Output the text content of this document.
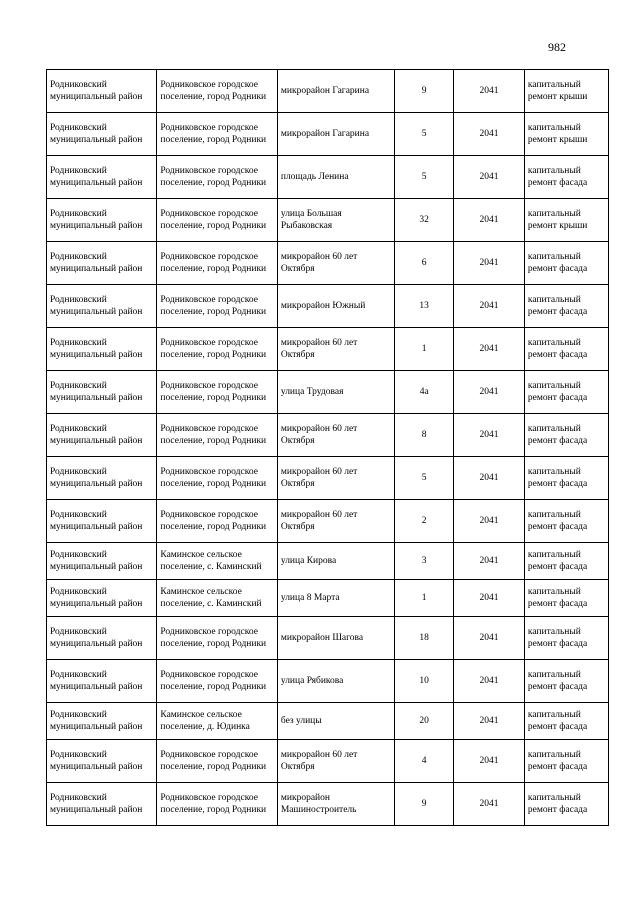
982
Родниковский муниципальный район	Родниковское городское поселение, город Родники	микрорайон Гагарина	9	2041	капитальный ремонт крыши

Родниковский муниципальный район	Родниковское городское поселение, город Родники	микрорайон Гагарина	5	2041	капитальный ремонт крыши

Родниковский муниципальный район	Родниковское городское поселение, город Родники	площадь Ленина	5	2041	капитальный ремонт фасада

Родниковский муниципальный район	Родниковское городское поселение, город Родники	улица Большая Рыбаковская	32	2041	капитальный ремонт крыши

Родниковский муниципальный район	Родниковское городское поселение, город Родники	микрорайон 60 лет Октября	6	2041	капитальный ремонт фасада

Родниковский муниципальный район	Родниковское городское поселение, город Родники	микрорайон Южный	13	2041	капитальный ремонт фасада

Родниковский муниципальный район	Родниковское городское поселение, город Родники	микрорайон 60 лет Октября	1	2041	капитальный ремонт фасада

Родниковский муниципальный район	Родниковское городское поселение, город Родники	улица Трудовая	4а	2041	капитальный ремонт фасада

Родниковский муниципальный район	Родниковское городское поселение, город Родники	микрорайон 60 лет Октября	8	2041	капитальный ремонт фасада

Родниковский муниципальный район	Родниковское городское поселение, город Родники	микрорайон 60 лет Октября	5	2041	капитальный ремонт фасада

Родниковский муниципальный район	Родниковское городское поселение, город Родники	микрорайон 60 лет Октября	2	2041	капитальный ремонт фасада

Родниковский муниципальный район	Каминское сельское поселение, с. Каминский	улица Кирова	3	2041	капитальный ремонт фасада

Родниковский муниципальный район	Каминское сельское поселение, с. Каминский	улица 8 Марта	1	2041	капитальный ремонт фасада

Родниковский муниципальный район	Родниковское городское поселение, город Родники	микрорайон Шагова	18	2041	капитальный ремонт фасада

Родниковский муниципальный район	Родниковское городское поселение, город Родники	улица Рябикова	10	2041	капитальный ремонт фасада

Родниковский муниципальный район	Каминское сельское поселение, д. Юдинка	без улицы	20	2041	капитальный ремонт фасада

Родниковский муниципальный район	Родниковское городское поселение, город Родники	микрорайон 60 лет Октября	4	2041	капитальный ремонт фасада

Родниковский муниципальный район	Родниковское городское поселение, город Родники	микрорайон Машиностроитель	9	2041	капитальный ремонт фасада
